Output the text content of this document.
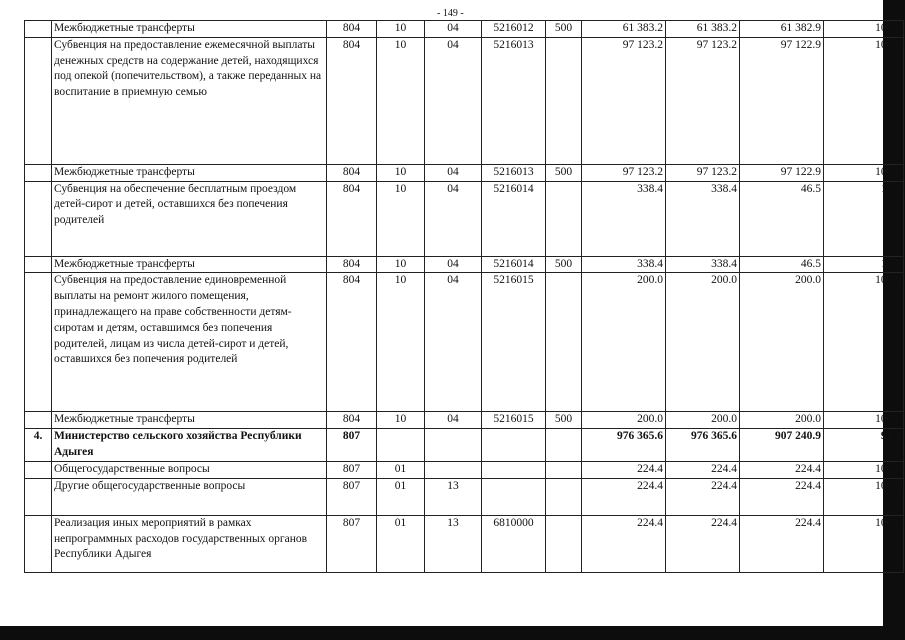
- 149 -
	Межбюджетные трансферты	804	10	04	5216012	500	61 383.2	61 383.2	61 382.9	100.0
	Субвенция на предоставление ежемесячной выплаты денежных средств на содержание детей, находящихся под опекой (попечительством), а также переданных на воспитание в приемную семью	804	10	04	5216013		97 123.2	97 123.2	97 122.9	100.0
	Межбюджетные трансферты	804	10	04	5216013	500	97 123.2	97 123.2	97 122.9	100.0
	Субвенция на обеспечение бесплатным проездом детей-сирот и детей, оставшихся без попечения родителей	804	10	04	5216014		338.4	338.4	46.5	13.7
	Межбюджетные трансферты	804	10	04	5216014	500	338.4	338.4	46.5	13.7
	Субвенция на предоставление единовременной выплаты на ремонт жилого помещения, принадлежащего на праве собственности детям-сиротам и детям, оставшимся без попечения родителей, лицам из числа детей-сирот и детей, оставшихся без попечения родителей	804	10	04	5216015		200.0	200.0	200.0	100.0
	Межбюджетные трансферты	804	10	04	5216015	500	200.0	200.0	200.0	100.0
4.	Министерство сельского хозяйства Республики Адыгея	807					976 365.6	976 365.6	907 240.9	92.9
	Общегосударственные вопросы	807	01				224.4	224.4	224.4	100.0
	Другие общегосударственные вопросы	807	01	13			224.4	224.4	224.4	100.0
	Реализация иных мероприятий в рамках непрограммных расходов государственных органов Республики Адыгея	807	01	13	6810000		224.4	224.4	224.4	100.0
